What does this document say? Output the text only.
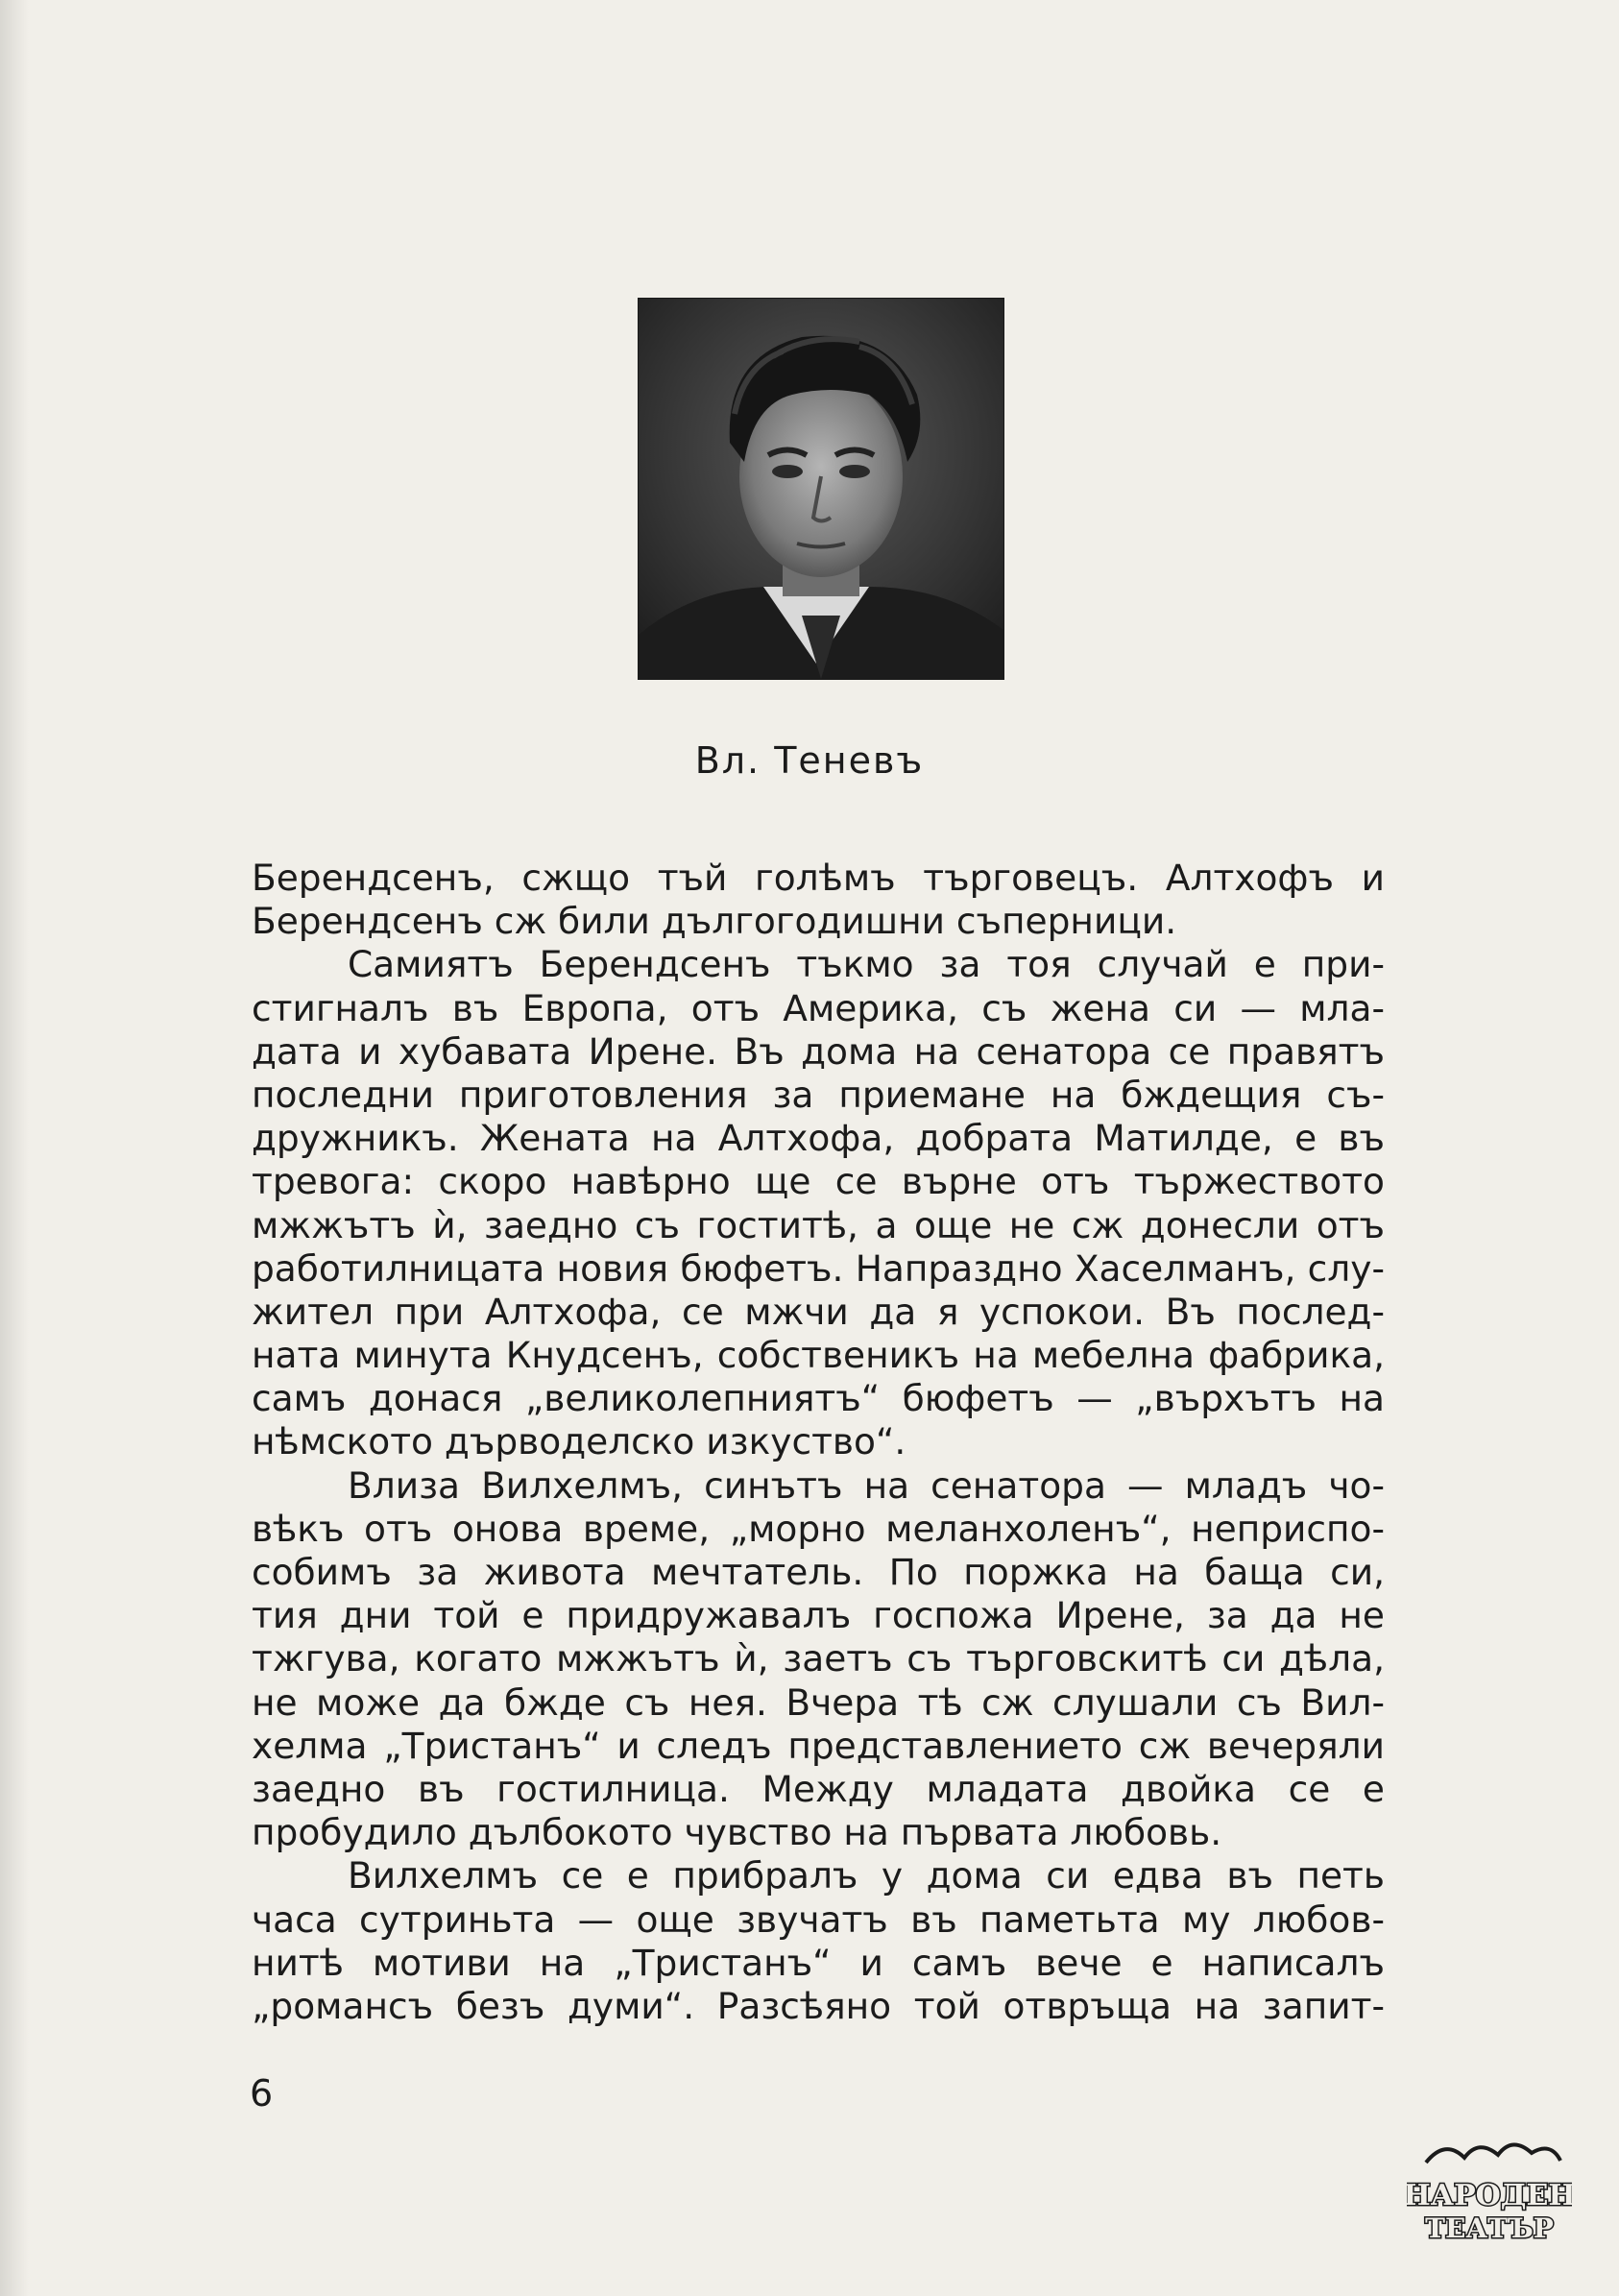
Вл. Теневъ
Берендсенъ, сжщо тъй голѣмъ търговецъ. Алтхофъ и
Берендсенъ сж били дългогодишни съперници.
Самиятъ Берендсенъ тъкмо за тоя случай е при-
стигналъ въ Европа, отъ Америка, съ жена си — мла-
дата и хубавата Ирене. Въ дома на сенатора се правятъ
последни приготовления за приемане на бждещия съ-
дружникъ. Жената на Алтхофа, добрата Матилде, е въ
тревога: скоро навѣрно ще се върне отъ тържеството
мжжътъ ѝ, заедно съ гоститѣ, а още не сж донесли отъ
работилницата новия бюфетъ. Напраздно Хаселманъ, слу-
жител при Алтхофа, се мжчи да я успокои. Въ послед-
ната минута Кнудсенъ, собственикъ на мебелна фабрика,
самъ донася „великолепниятъ“ бюфетъ — „върхътъ на
нѣмското дърводелско изкуство“.
Влиза Вилхелмъ, синътъ на сенатора — младъ чо-
вѣкъ отъ онова време, „морно меланхоленъ“, неприспо-
собимъ за живота мечтатель. По поржка на баща си,
тия дни той е придружавалъ госпожа Ирене, за да не
тжгува, когато мжжътъ ѝ, заетъ съ търговскитѣ си дѣла,
не може да бжде съ нея. Вчера тѣ сж слушали съ Вил-
хелма „Тристанъ“ и следъ представлението сж вечеряли
заедно въ гостилница. Между младата двойка се е
пробудило дълбокото чувство на първата любовь.
Вилхелмъ се е прибралъ у дома си едва въ петь
часа сутриньта — още звучатъ въ паметьта му любов-
нитѣ мотиви на „Тристанъ“ и самъ вече е написалъ
„романсъ безъ думи“. Разсѣяно той отвръща на запит-
6
НАРОДЕН
ТЕАТЪР
